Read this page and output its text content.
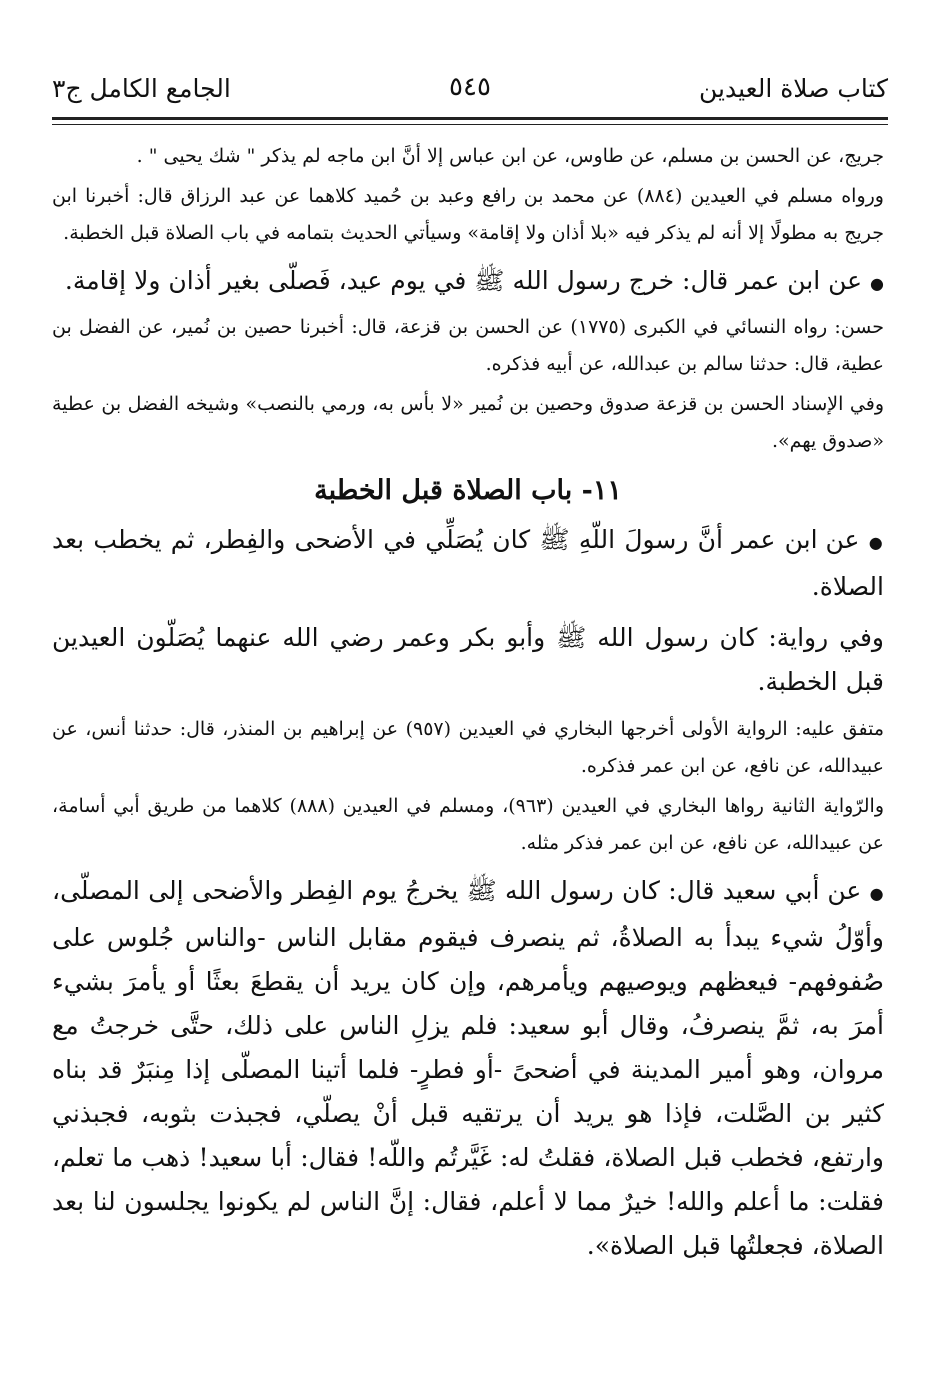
كتاب صلاة العيدين
٥٤٥
الجامع الكامل ج٣

جريج، عن الحسن بن مسلم، عن طاوس، عن ابن عباس إلا أنَّ ابن ماجه لم يذكر " شك يحيى " .

ورواه مسلم في العيدين (٨٨٤) عن محمد بن رافع وعبد بن حُميد كلاهما عن عبد الرزاق قال: أخبرنا ابن جريج به مطولًا إلا أنه لم يذكر فيه «بلا أذان ولا إقامة» وسيأتي الحديث بتمامه في باب الصلاة قبل الخطبة.

● عن ابن عمر قال: خرج رسول الله ﷺ في يوم عيد، فَصلّى بغير أذان ولا إقامة.

حسن: رواه النسائي في الكبرى (١٧٧٥) عن الحسن بن قزعة، قال: أخبرنا حصين بن نُمير، عن الفضل بن عطية، قال: حدثنا سالم بن عبدالله، عن أبيه فذكره.

وفي الإسناد الحسن بن قزعة صدوق وحصين بن نُمير «لا بأس به، ورمي بالنصب» وشيخه الفضل بن عطية «صدوق يهم».

١١- باب الصلاة قبل الخطبة

● عن ابن عمر أنَّ رسولَ اللّهِ ﷺ كان يُصَلِّي في الأضحى والفِطر، ثم يخطب بعد الصلاة.

وفي رواية: كان رسول الله ﷺ وأبو بكر وعمر رضي الله عنهما يُصَلّون العيدين قبل الخطبة.

متفق عليه: الرواية الأولى أخرجها البخاري في العيدين (٩٥٧) عن إبراهيم بن المنذر، قال: حدثنا أنس، عن عبيدالله، عن نافع، عن ابن عمر فذكره.

والرّواية الثانية رواها البخاري في العيدين (٩٦٣)، ومسلم في العيدين (٨٨٨) كلاهما من طريق أبي أسامة، عن عبيدالله، عن نافع، عن ابن عمر فذكر مثله.

● عن أبي سعيد قال: كان رسول الله ﷺ يخرجُ يوم الفِطر والأضحى إلى المصلّى، وأوّلُ شيء يبدأ به الصلاةُ، ثم ينصرف فيقوم مقابل الناس -والناس جُلوس على صُفوفهم- فيعظهم ويوصيهم ويأمرهم، وإن كان يريد أن يقطعَ بعثًا أو يأمرَ بشيء أمرَ به، ثمَّ ينصرفُ، وقال أبو سعيد: فلم يزلِ الناس على ذلك، حتَّى خرجتُ مع مروان، وهو أمير المدينة في أضحىً -أو فطرٍ- فلما أتينا المصلّى إذا مِنبَرٌ قد بناه كثير بن الصَّلت، فإذا هو يريد أن يرتقيه قبل أنْ يصلّي، فجبذت بثوبه، فجبذني وارتفع، فخطب قبل الصلاة، فقلتُ له: غَيَّرتُم واللّه! فقال: أبا سعيد! ذهب ما تعلم، فقلت: ما أعلم والله! خيرٌ مما لا أعلم، فقال: إنَّ الناس لم يكونوا يجلسون لنا بعد الصلاة، فجعلتُها قبل الصلاة».
